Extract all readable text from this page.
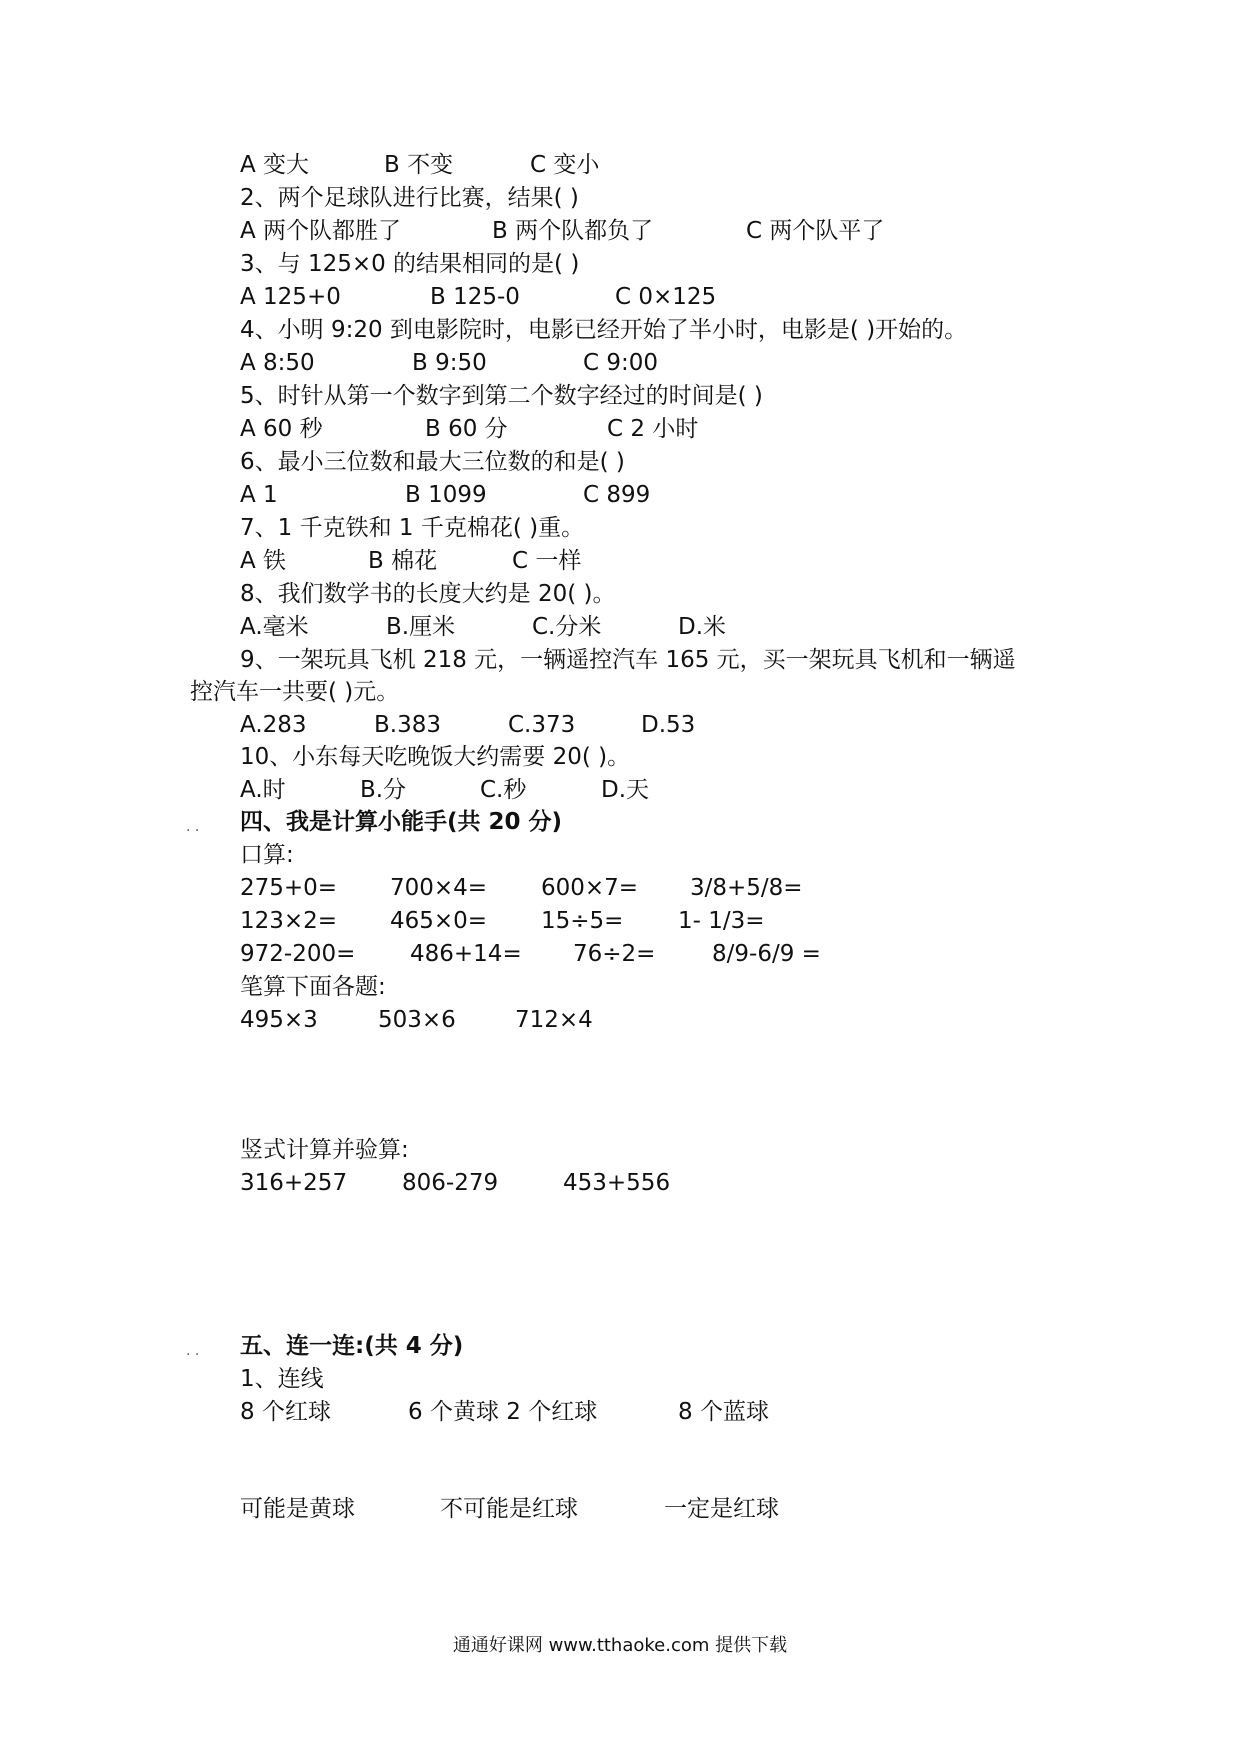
A 变大	B 不变	C 变小
2、两个足球队进行比赛，结果( )
A 两个队都胜了	B 两个队都负了	C 两个队平了
3、与 125×0 的结果相同的是( )
A 125+0	B 125-0	C 0×125
4、小明 9:20 到电影院时，电影已经开始了半小时，电影是( )开始的。
A 8:50	B 9:50	C 9:00
5、时针从第一个数字到第二个数字经过的时间是( )
A 60 秒	B 60 分	C 2 小时
6、最小三位数和最大三位数的和是( )
A 1	B 1099	C 899
7、1 千克铁和 1 千克棉花( )重。
A 铁	B 棉花	C 一样
8、我们数学书的长度大约是 20( )。
A.毫米	B.厘米	C.分米	D.米
9、一架玩具飞机 218 元，一辆遥控汽车 165 元，买一架玩具飞机和一辆遥
控汽车一共要( )元。
A.283	B.383	C.373	D.53
10、小东每天吃晚饭大约需要 20( )。
A.时	B.分	C.秒	D.天
· · 四、我是计算小能手(共 20 分)
口算:
275+0= 700×4= 600×7= 3/8+5/8=
123×2= 465×0= 15÷5= 1- 1/3=
972-200= 486+14= 76÷2= 8/9-6/9 =
笔算下面各题:
495×3	503×6	712×4
竖式计算并验算:
316+257 806-279	453+556
· · 五、连一连:(共 4 分)
1、连线
8 个红球	6 个黄球 2 个红球	8 个蓝球
可能是黄球	不可能是红球	一定是红球
通通好课网 www.tthaoke.com 提供下载
